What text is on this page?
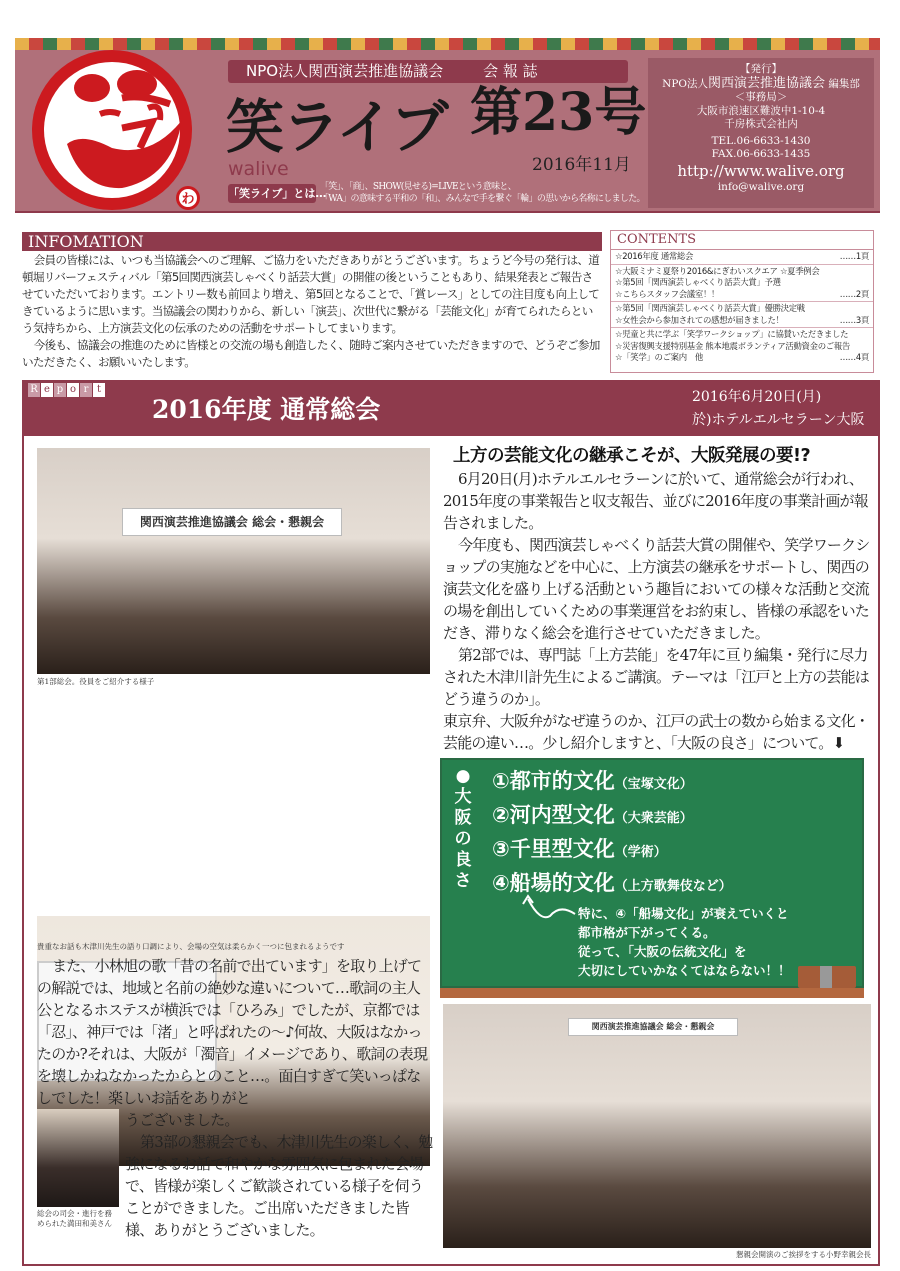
わ
NPO法人関西演芸推進協議会	会 報 誌
笑ライブ 第23号
2016年11月
walive
「笑ライブ」とは…
「笑」、「商」、SHOW(見せる)=LIVEという意味と、
「WA」の意味する平和の「和」、みんなで手を繋ぐ「輪」の思いから名称にしました。
【発行】
NPO法人関西演芸推進協議会 編集部
＜事務局＞
大阪市浪速区難波中1-10-4
千房株式会社内
TEL.06-6633-1430
FAX.06-6633-1435
http://www.walive.org
info@walive.org
INFOMATION

会員の皆様には、いつも当協議会へのご理解、ご協力をいただきありがとうございます。ちょうど今号の発行は、道頓堀リバーフェスティバル「第5回関西演芸しゃべくり話芸大賞」の開催の後ということもあり、結果発表とご報告させていただいております。エントリー数も前回より増え、第5回となることで、「賞レース」としての注目度も向上してきているように思います。当協議会の関わりから、新しい「演芸」、次世代に繋がる「芸能文化」が育てられたらという気持ちから、上方演芸文化の伝承のための活動をサポートしてまいります。

今後も、協議会の推進のために皆様との交流の場も創造したく、随時ご案内させていただきますので、どうぞご参加いただきたく、お願いいたします。

CONTENTS
☆2016年度 通常総会	……1頁
☆大阪ミナミ夏祭り2016&にぎわいスクエア ☆夏季例会
☆第5回「関西演芸しゃべくり話芸大賞」予選
☆こちらスタッフ会議室！！	……2頁
☆第5回「関西演芸しゃべくり話芸大賞」優勝決定戦
☆女性会から参加されての感想が届きました！	……3頁
☆児童と共に学ぶ「笑学ワークショップ」に協賛いただきました
☆災害復興支援特別基金 熊本地震ボランティア活動資金のご報告
☆「笑学」のご案内　他	……4頁
R e p o r t
2016年度 通常総会	2016年6月20日(月)
於)ホテルエルセラーン大阪
関西演芸推進協議会 総会・懇親会
第1部総会。役員をご紹介する様子
貴重なお話も木津川先生の語り口調により、会場の空気は柔らかく一つに包まれるようです

また、小林旭の歌「昔の名前で出ています」を取り上げての解説では、地域と名前の絶妙な違いについて…歌詞の主人公となるホステスが横浜では「ひろみ」でしたが、京都では「忍」、神戸では「渚」と呼ばれたの〜♪何故、大阪はなかったのか?それは、大阪が「濁音」イメージであり、歌詞の表現を壊しかねなかったからとのこと…。面白すぎて笑いっぱなしでした！楽しいお話をありがと

総会の司会・進行を務められた満田和美さん
うございました。

第3部の懇親会でも、木津川先生の楽しく、勉強になるお話で和やかな雰囲気に包まれた会場で、皆様が楽しくご歓談されている様子を伺うことができました。ご出席いただきました皆様、ありがとうございました。

上方の芸能文化の継承こそが、大阪発展の要!?

6月20日(月)ホテルエルセラーンに於いて、通常総会が行われ、2015年度の事業報告と収支報告、並びに2016年度の事業計画が報告されました。

今年度も、関西演芸しゃべくり話芸大賞の開催や、笑学ワークショップの実施などを中心に、上方演芸の継承をサポートし、関西の演芸文化を盛り上げる活動という趣旨においての様々な活動と交流の場を創出していくための事業運営をお約束し、皆様の承認をいただき、滞りなく総会を進行させていただきました。

第2部では、専門誌「上方芸能」を47年に亘り編集・発行に尽力された木津川計先生によるご講演。テーマは「江戸と上方の芸能はどう違うのか」。

東京弁、大阪弁がなぜ違うのか、江戸の武士の数から始まる文化・芸能の違い…。少し紹介しますと、「大阪の良さ」について。⬇

●
大
阪
の
良
さ
①都市的文化（宝塚文化）
②河内型文化（大衆芸能）
③千里型文化（学術）
④船場的文化（上方歌舞伎など）
特に、④「船場文化」が衰えていくと
都市格が下がってくる。
従って、「大阪の伝統文化」を
大切にしていかなくてはならない！！
関西演芸推進協議会 総会・懇親会
懇親会開演のご挨拶をする小野幸親会長
